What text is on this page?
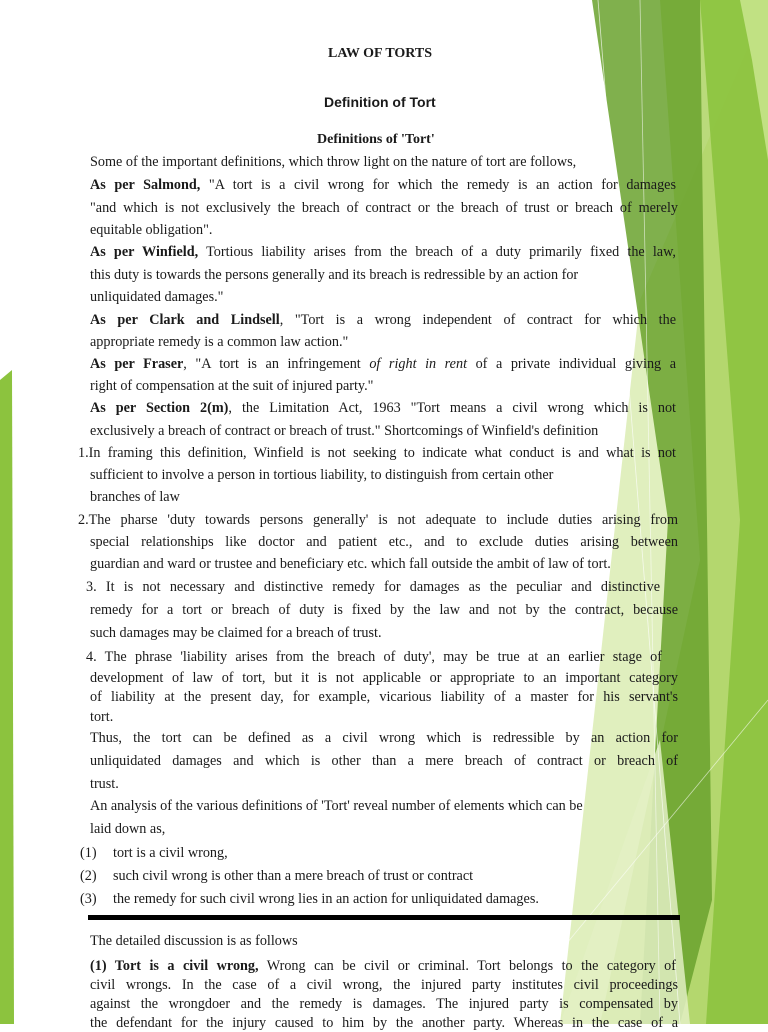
LAW OF TORTS
Definition of Tort
Definitions of 'Tort'
Some of the important definitions, which throw light on the nature of tort are follows,
As per Salmond, "A tort is a civil wrong for which the remedy is an action for damages
"and which is not exclusively the breach of contract or the breach of trust or breach of merely
equitable obligation".
As per Winfield, Tortious liability arises from the breach of a duty primarily fixed the law,
this duty is towards the persons generally and its breach is redressible by an action for
unliquidated damages."
As per Clark and Lindsell, "Tort is a wrong independent of contract for which the
appropriate remedy is a common law action."
As per Fraser, "A tort is an infringement of right in rent of a private individual giving a
right of compensation at the suit of injured party."
As per Section 2(m), the Limitation Act, 1963 "Tort means a civil wrong which is not
exclusively a breach of contract or breach of trust." Shortcomings of Winfield's definition
1.In framing this definition, Winfield is not seeking to indicate what conduct is and what is not
sufficient to involve a person in tortious liability, to distinguish from certain other
branches of law
2.The pharse 'duty towards persons generally' is not adequate to include duties arising from
special relationships like doctor and patient etc., and to exclude duties arising between
guardian and ward or trustee and beneficiary etc. which fall outside the ambit of law of tort.
3. It is not necessary and distinctive remedy for damages as the peculiar and distinctive
remedy for a tort or breach of duty is fixed by the law and not by the contract, because
such damages may be claimed for a breach of trust.
4. The phrase 'liability arises from the breach of duty', may be true at an earlier stage of
development of law of tort, but it is not applicable or appropriate to an important category
of liability at the present day, for example, vicarious liability of a master for his servant's
tort.
Thus, the tort can be defined as a civil wrong which is redressible by an action for
unliquidated damages and which is other than a mere breach of contract or breach of
trust.
An analysis of the various definitions of 'Tort' reveal number of elements which can be
laid down as,
(1) tort is a civil wrong,
(2) such civil wrong is other than a mere breach of trust or contract
(3) the remedy for such civil wrong lies in an action for unliquidated damages.
The detailed discussion is as follows
(1) Tort is a civil wrong, Wrong can be civil or criminal. Tort belongs to the category of
civil wrongs. In the case of a civil wrong, the injured party institutes civil proceedings
against the wrongdoer and the remedy is damages. The injured party is compensated by
the defendant for the injury caused to him by the another party. Whereas in the case of a
